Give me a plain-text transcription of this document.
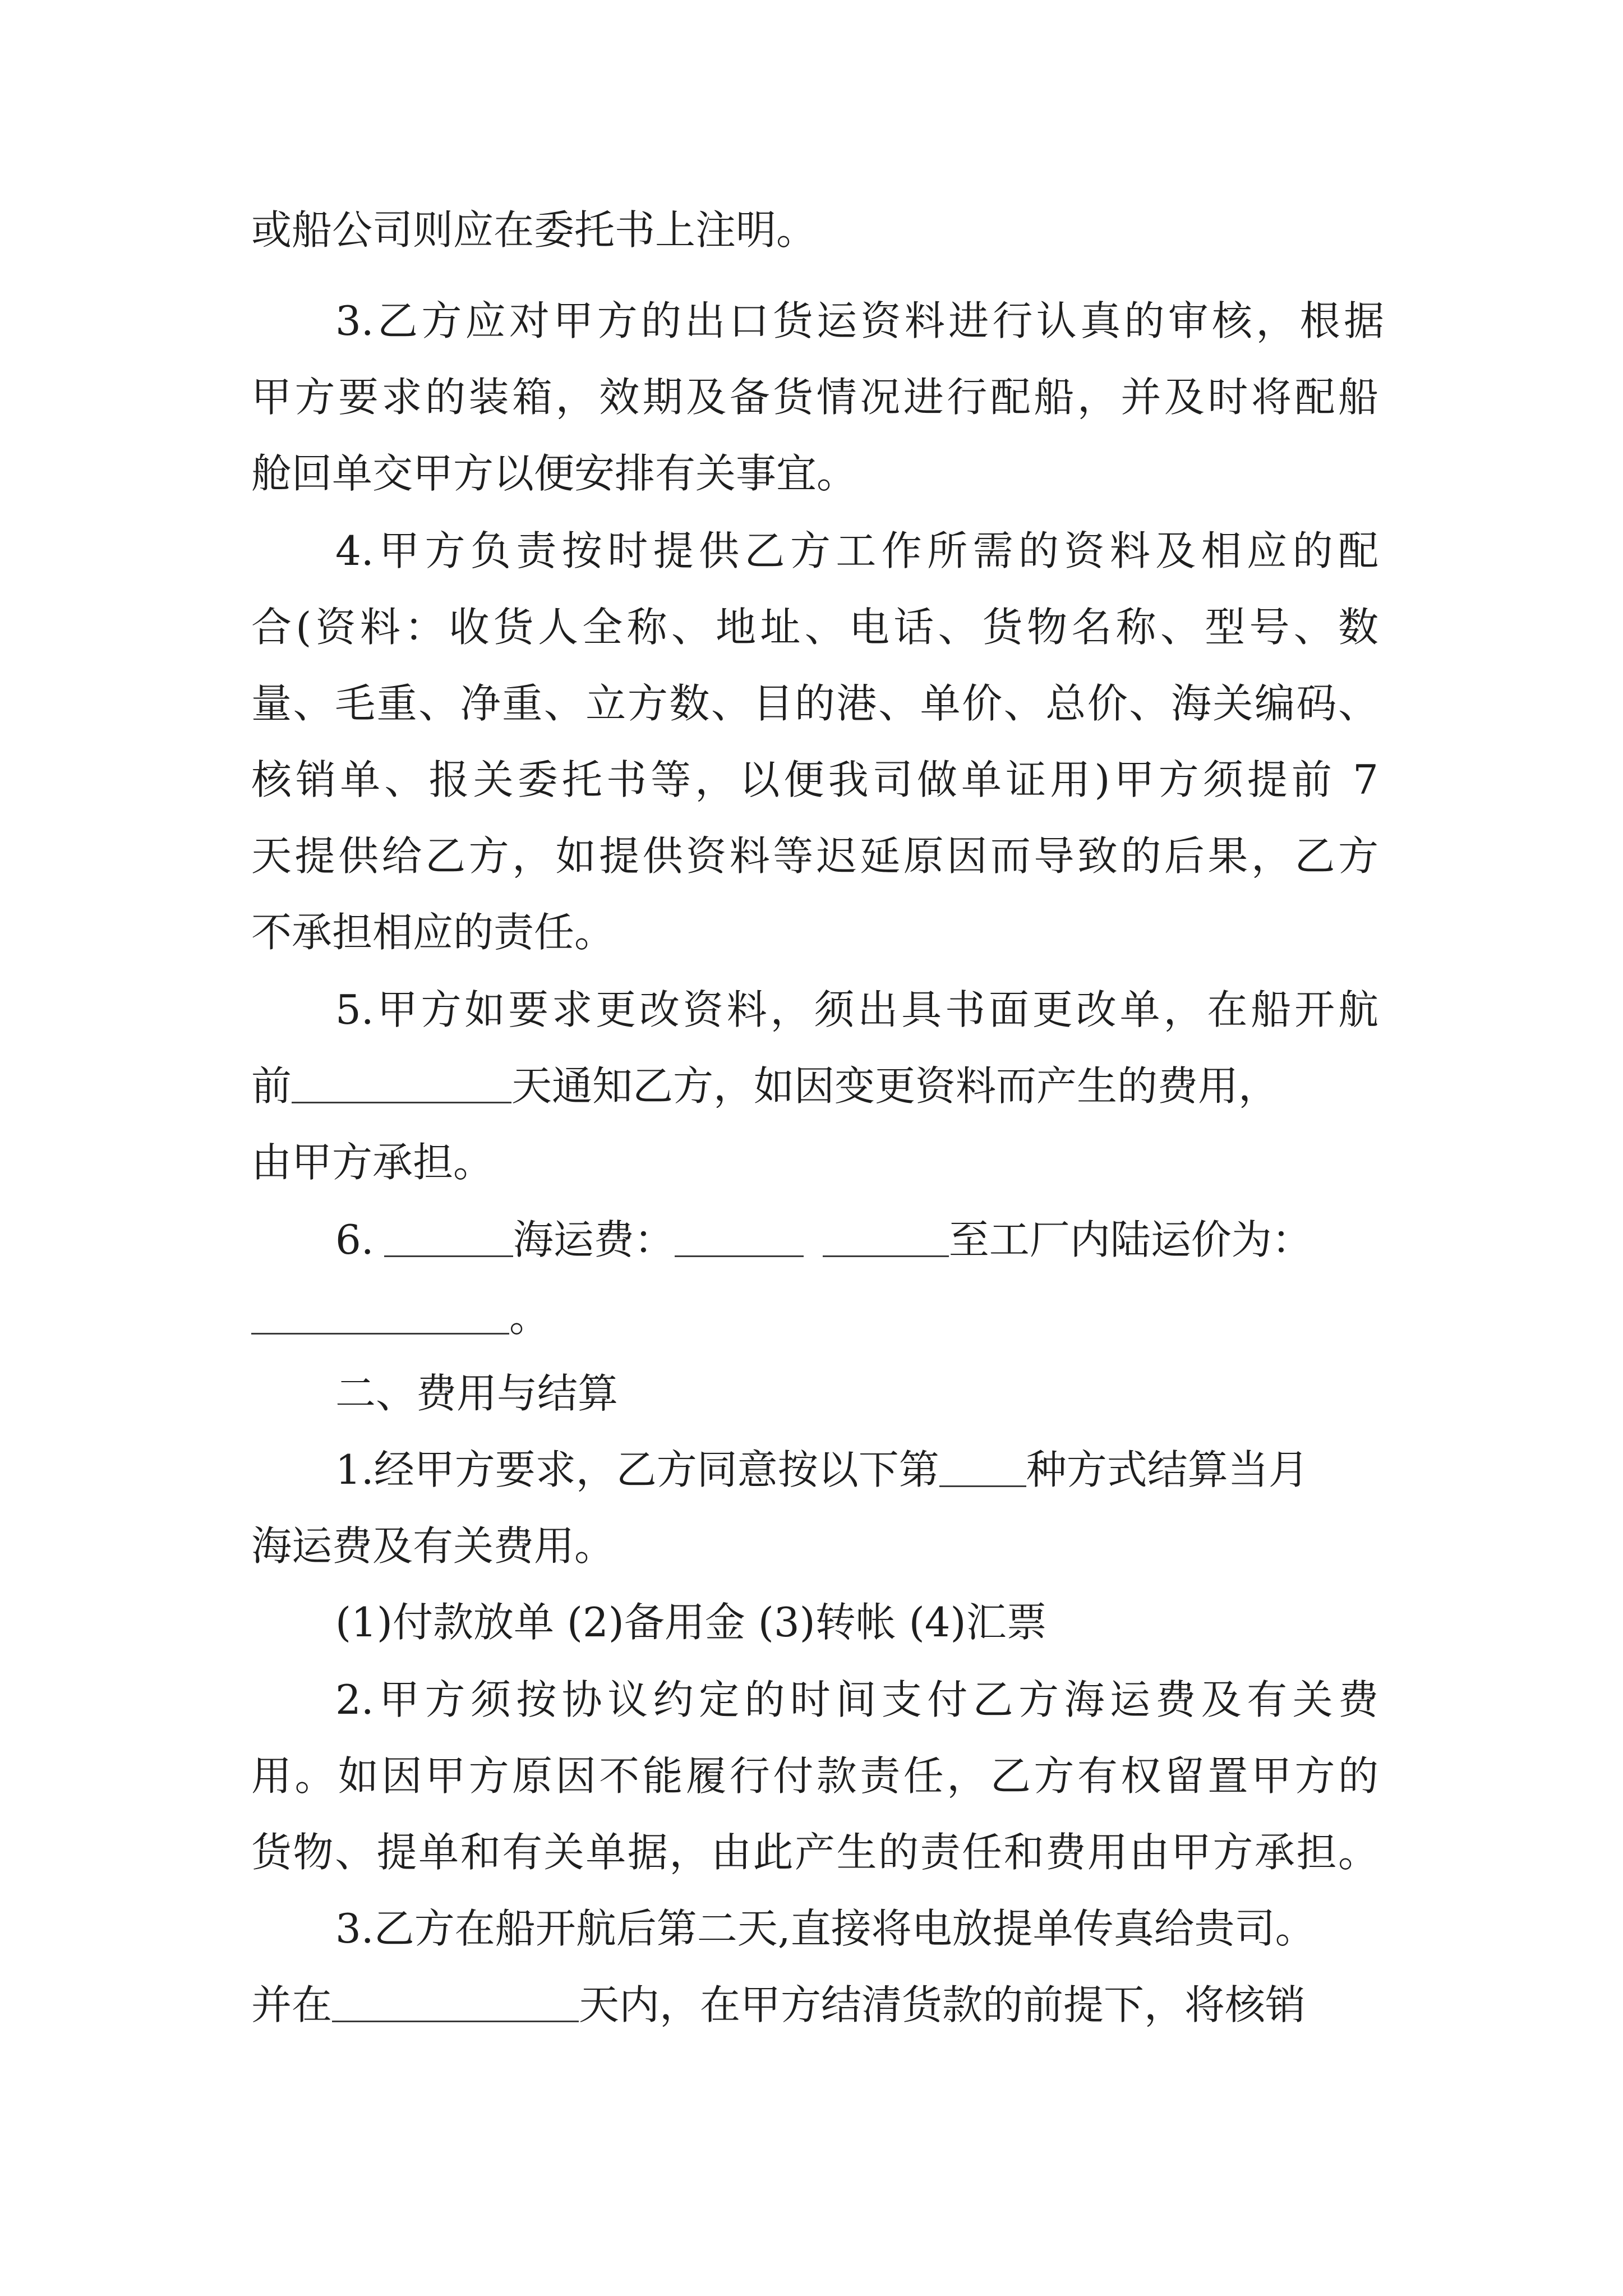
或船公司则应在委托书上注明。
3.乙方应对甲方的出口货运资料进行认真的审核，根据
甲方要求的装箱，效期及备货情况进行配船，并及时将配船
舱回单交甲方以便安排有关事宜。
4.甲方负责按时提供乙方工作所需的资料及相应的配
合(资料：收货人全称、地址、电话、货物名称、型号、数
量、毛重、净重、立方数、目的港、单价、总价、海关编码、
核销单、报关委托书等，以便我司做单证用)甲方须提前 7
天提供给乙方，如提供资料等迟延原因而导致的后果，乙方
不承担相应的责任。
5.甲方如要求更改资料，须出具书面更改单，在船开航
前	天通知乙方，如因变更资料而产生的费用，
由甲方承担。
6.	海运费：	至工厂内陆运价为：
。
二、费用与结算
1.经甲方要求，乙方同意按以下第 种方式结算当月
海运费及有关费用。
(1)付款放单 (2)备用金 (3)转帐 (4)汇票
2.甲方须按协议约定的时间支付乙方海运费及有关费
用。如因甲方原因不能履行付款责任，乙方有权留置甲方的
货物、提单和有关单据，由此产生的责任和费用由甲方承担。
3.乙方在船开航后第二天,直接将电放提单传真给贵司。
并在	天内，在甲方结清货款的前提下，将核销
